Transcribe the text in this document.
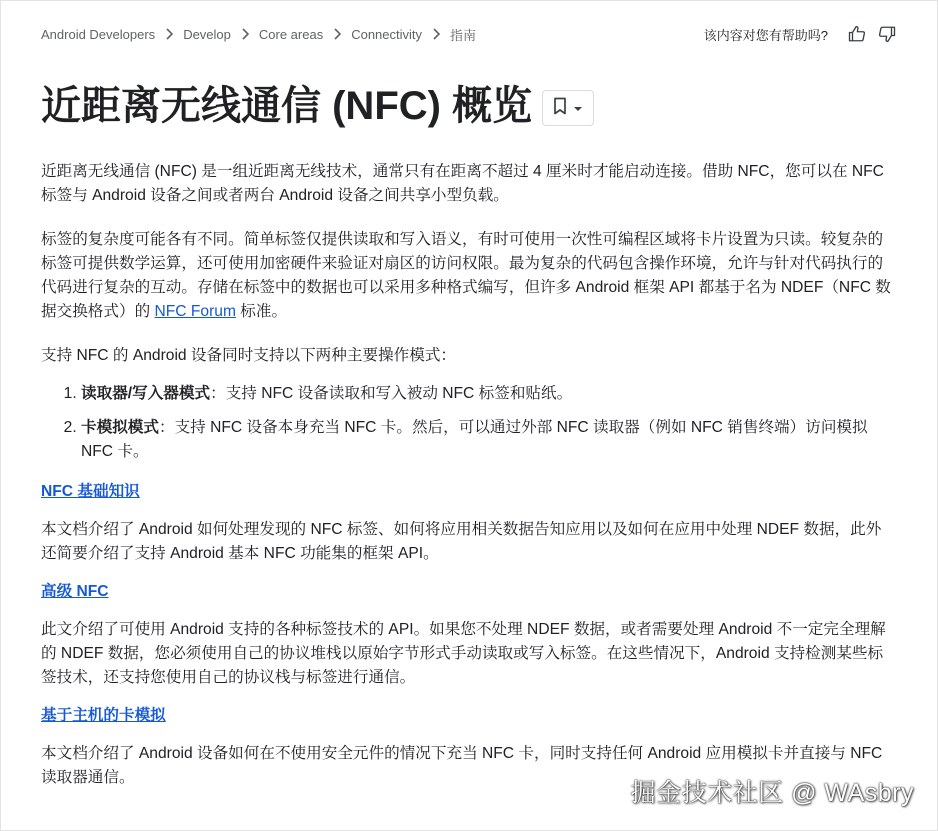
Android Developers Develop Core areas Connectivity 指南	该内容对您有帮助吗?
近距离无线通信 (NFC) 概览

近距离无线通信 (NFC) 是一组近距离无线技术，通常只有在距离不超过 4 厘米时才能启动连接。借助 NFC，您可以在 NFC 标签与 Android 设备之间或者两台 Android 设备之间共享小型负载。

标签的复杂度可能各有不同。简单标签仅提供读取和写入语义，有时可使用一次性可编程区域将卡片设置为只读。较复杂的标签可提供数学运算，还可使用加密硬件来验证对扇区的访问权限。最为复杂的代码包含操作环境，允许与针对代码执行的代码进行复杂的互动。存储在标签中的数据也可以采用多种格式编写，但许多 Android 框架 API 都基于名为 NDEF（NFC 数据交换格式）的 NFC Forum 标准。

支持 NFC 的 Android 设备同时支持以下两种主要操作模式：

1. 读取器/写入器模式：支持 NFC 设备读取和写入被动 NFC 标签和贴纸。
2. 卡模拟模式：支持 NFC 设备本身充当 NFC 卡。然后，可以通过外部 NFC 读取器（例如 NFC 销售终端）访问模拟 NFC 卡。
NFC 基础知识

本文档介绍了 Android 如何处理发现的 NFC 标签、如何将应用相关数据告知应用以及如何在应用中处理 NDEF 数据，此外还简要介绍了支持 Android 基本 NFC 功能集的框架 API。

高级 NFC

此文介绍了可使用 Android 支持的各种标签技术的 API。如果您不处理 NDEF 数据，或者需要处理 Android 不一定完全理解的 NDEF 数据，您必须使用自己的协议堆栈以原始字节形式手动读取或写入标签。在这些情况下，Android 支持检测某些标签技术，还支持您使用自己的协议栈与标签进行通信。

基于主机的卡模拟

本文档介绍了 Android 设备如何在不使用安全元件的情况下充当 NFC 卡，同时支持任何 Android 应用模拟卡并直接与 NFC 读取器通信。

掘金技术社区 @ WAsbry
